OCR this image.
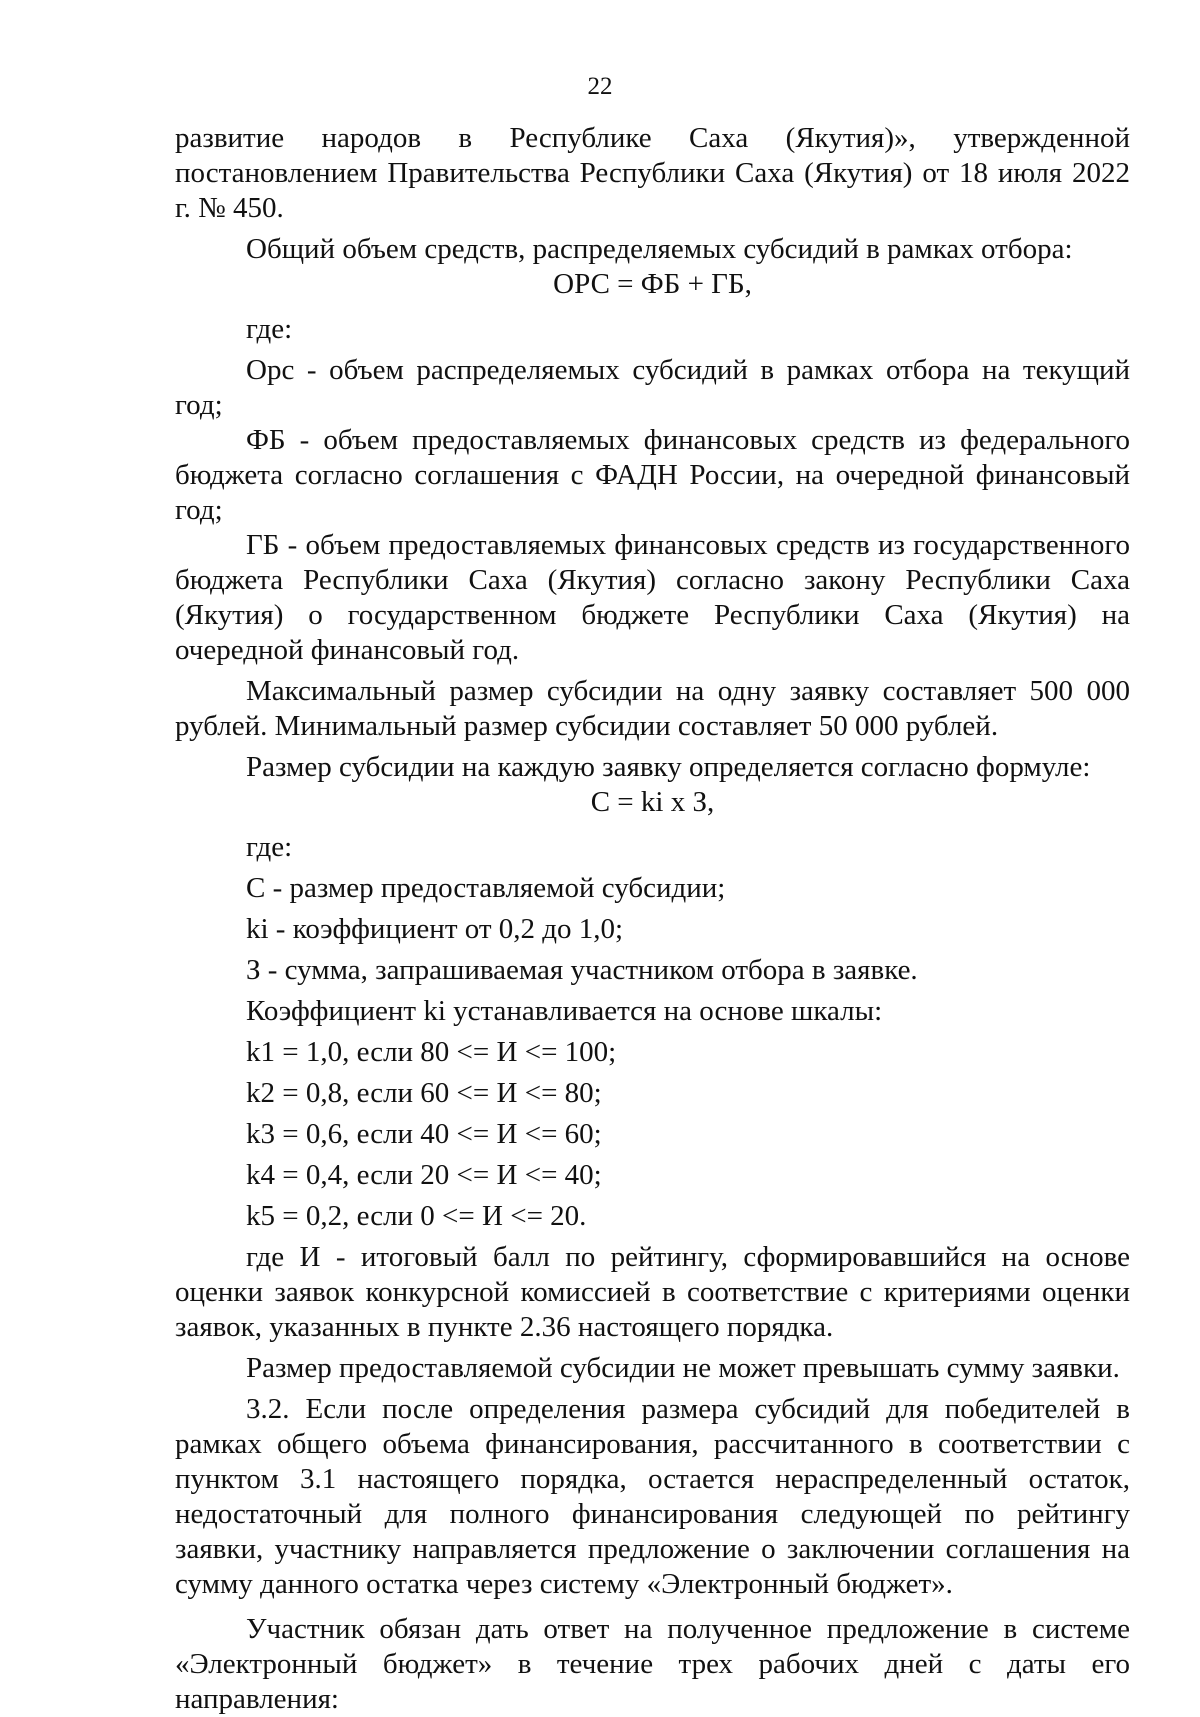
22

развитие народов в Республике Саха (Якутия)», утвержденной

постановлением Правительства Республики Саха (Якутия) от 18 июля 2022 г. № 450.

Общий объем средств, распределяемых субсидий в рамках отбора:

ОРС = ФБ + ГБ,

где:

Орс - объем распределяемых субсидий в рамках отбора на текущий год;

ФБ - объем предоставляемых финансовых средств из федерального бюджета согласно соглашения с ФАДН России, на очередной финансовый год;

ГБ - объем предоставляемых финансовых средств из государственного бюджета Республики Саха (Якутия) согласно закону Республики Саха (Якутия) о государственном бюджете Республики Саха (Якутия) на очередной финансовый год.

Максимальный размер субсидии на одну заявку составляет 500 000 рублей. Минимальный размер субсидии составляет 50 000 рублей.

Размер субсидии на каждую заявку определяется согласно формуле:

С = ki х З,

где:

С - размер предоставляемой субсидии;

ki - коэффициент от 0,2 до 1,0;

З - сумма, запрашиваемая участником отбора в заявке.

Коэффициент ki устанавливается на основе шкалы:

k1 = 1,0, если 80 <= И <= 100;

k2 = 0,8, если 60 <= И <= 80;

k3 = 0,6, если 40 <= И <= 60;

k4 = 0,4, если 20 <= И <= 40;

k5 = 0,2, если 0 <= И <= 20.

где И - итоговый балл по рейтингу, сформировавшийся на основе оценки заявок конкурсной комиссией в соответствие с критериями оценки заявок, указанных в пункте 2.36 настоящего порядка.

Размер предоставляемой субсидии не может превышать сумму заявки.

3.2. Если после определения размера субсидий для победителей в рамках общего объема финансирования, рассчитанного в соответствии с пунктом 3.1 настоящего порядка, остается нераспределенный остаток, недостаточный для полного финансирования следующей по рейтингу заявки, участнику направляется предложение о заключении соглашения на сумму данного остатка через систему «Электронный бюджет».

Участник обязан дать ответ на полученное предложение в системе «Электронный бюджет» в течение трех рабочих дней с даты его направления:
